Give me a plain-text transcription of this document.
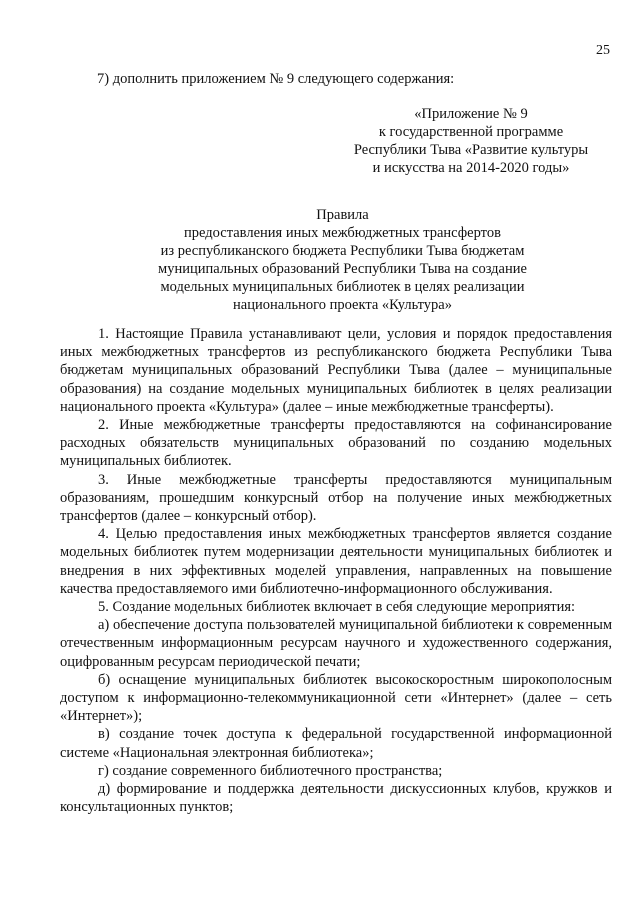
25
7) дополнить приложением № 9 следующего содержания:
«Приложение № 9
к государственной программе
Республики Тыва «Развитие культуры
и искусства на 2014-2020 годы»
Правила
предоставления иных межбюджетных трансфертов
из республиканского бюджета Республики Тыва бюджетам
муниципальных образований Республики Тыва на создание
модельных муниципальных библиотек в целях реализации
национального проекта «Культура»

1. Настоящие Правила устанавливают цели, условия и порядок предоставления иных межбюджетных трансфертов из республиканского бюджета Республики Тыва бюджетам муниципальных образований Республики Тыва (далее – муниципальные образования) на создание модельных муниципальных библиотек в целях реализации национального проекта «Культура» (далее – иные межбюджетные трансферты).

2. Иные межбюджетные трансферты предоставляются на софинансирование расходных обязательств муниципальных образований по созданию модельных муниципальных библиотек.

3. Иные межбюджетные трансферты предоставляются муниципальным образованиям, прошедшим конкурсный отбор на получение иных межбюджетных трансфертов (далее – конкурсный отбор).

4. Целью предоставления иных межбюджетных трансфертов является создание модельных библиотек путем модернизации деятельности муниципальных библиотек и внедрения в них эффективных моделей управления, направленных на повышение качества предоставляемого ими библиотечно-информационного обслуживания.

5. Создание модельных библиотек включает в себя следующие мероприятия:

а) обеспечение доступа пользователей муниципальной библиотеки к современным отечественным информационным ресурсам научного и художественного содержания, оцифрованным ресурсам периодической печати;

б) оснащение муниципальных библиотек высокоскоростным широкополосным доступом к информационно-телекоммуникационной сети «Интернет» (далее – сеть «Интернет»);

в) создание точек доступа к федеральной государственной информационной системе «Национальная электронная библиотека»;

г) создание современного библиотечного пространства;

д) формирование и поддержка деятельности дискуссионных клубов, кружков и консультационных пунктов;
